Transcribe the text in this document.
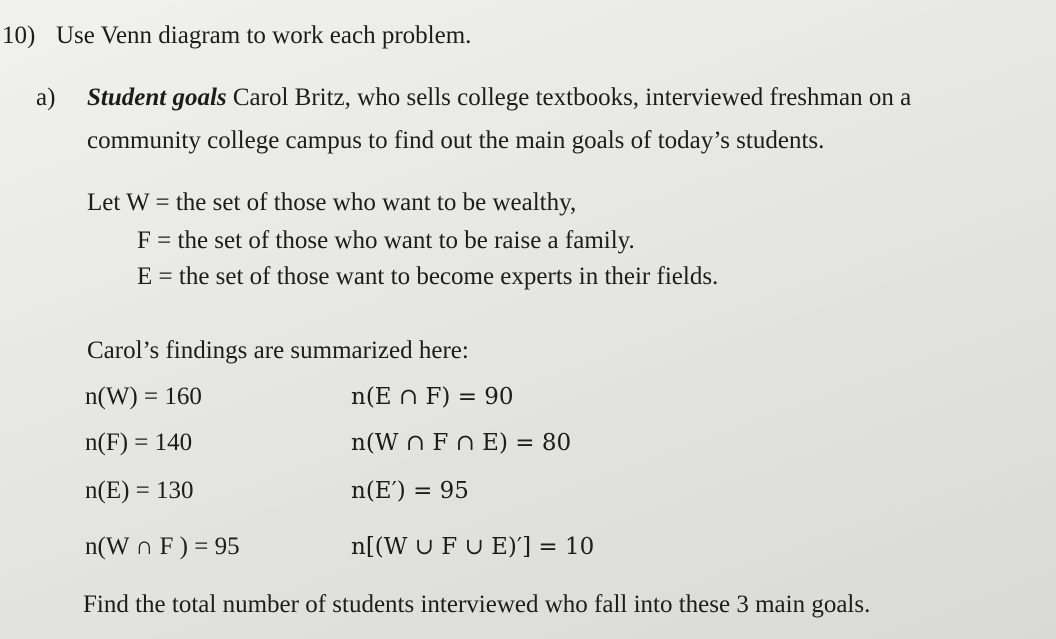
10) Use Venn diagram to work each problem.
a) Student goals Carol Britz, who sells college textbooks, interviewed freshman on a
community college campus to find out the main goals of today’s students.
Let W = the set of those who want to be wealthy,
F = the set of those who want to be raise a family.
E = the set of those want to become experts in their fields.
Carol’s findings are summarized here:
n(W) = 160
n(F) = 140
n(E) = 130
n(W ∩ F ) = 95
n(E ∩ F) = 90
n(W ∩ F ∩ E) = 80
n(E′) = 95
n[(W ∪ F ∪ E)′] = 10
Find the total number of students interviewed who fall into these 3 main goals.
